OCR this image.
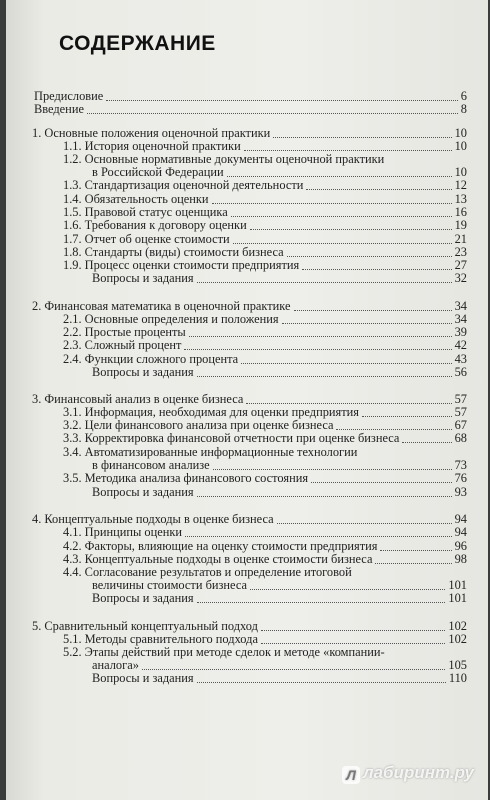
СОДЕРЖАНИЕ
Предисловие	6
Введение	8
1. Основные положения оценочной практики	10
1.1. История оценочной практики	10
1.2. Основные нормативные документы оценочной практики
в Российской Федерации	10
1.3. Стандартизация оценочной деятельности	12
1.4. Обязательность оценки	13
1.5. Правовой статус оценщика	16
1.6. Требования к договору оценки	19
1.7. Отчет об оценке стоимости	21
1.8. Стандарты (виды) стоимости бизнеса	23
1.9. Процесс оценки стоимости предприятия	27
Вопросы и задания	32
2. Финансовая математика в оценочной практике	34
2.1. Основные определения и положения	34
2.2. Простые проценты	39
2.3. Сложный процент	42
2.4. Функции сложного процента	43
Вопросы и задания	56
3. Финансовый анализ в оценке бизнеса	57
3.1. Информация, необходимая для оценки предприятия	57
3.2. Цели финансового анализа при оценке бизнеса	67
3.3. Корректировка финансовой отчетности при оценке бизнеса	68
3.4. Автоматизированные информационные технологии
в финансовом анализе	73
3.5. Методика анализа финансового состояния	76
Вопросы и задания	93
4. Концептуальные подходы в оценке бизнеса	94
4.1. Принципы оценки	94
4.2. Факторы, влияющие на оценку стоимости предприятия	96
4.3. Концептуальные подходы в оценке стоимости бизнеса	98
4.4. Согласование результатов и определение итоговой
величины стоимости бизнеса	101
Вопросы и задания	101
5. Сравнительный концептуальный подход	102
5.1. Методы сравнительного подхода	102
5.2. Этапы действий при методе сделок и методе «компании-
аналога»	105
Вопросы и задания	110
Л лабиринт.ру
